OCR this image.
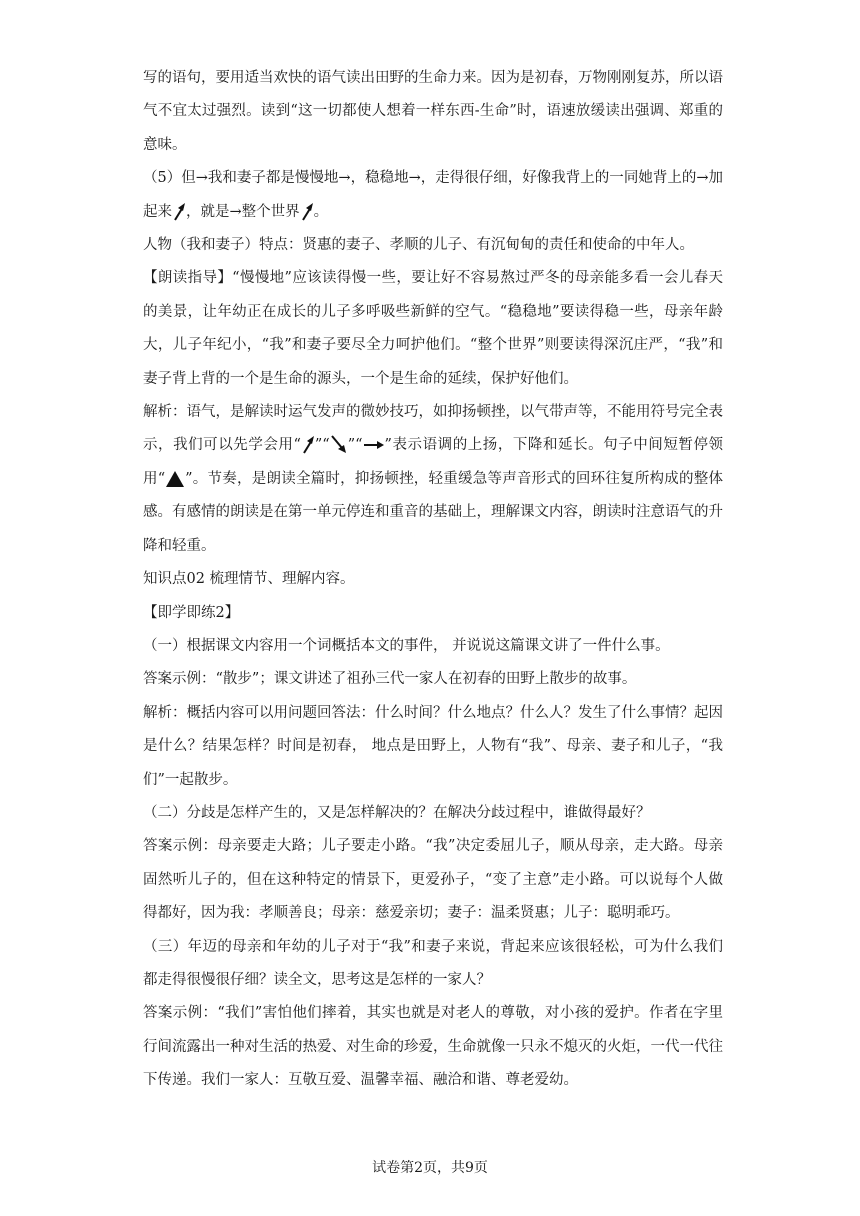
写的语句，要用适当欢快的语气读出田野的生命力来。因为是初春，万物刚刚复苏，所以语气不宜太过强烈。读到“这一切都使人想着一样东西-生命”时，语速放缓读出强调、郑重的意味。

（5）但→我和妻子都是慢慢地→，稳稳地→，走得很仔细，好像我背上的一同她背上的→加起来 ，就是→整个世界 。

人物（我和妻子）特点：贤惠的妻子、孝顺的儿子、有沉甸甸的责任和使命的中年人。

【朗读指导】“慢慢地”应该读得慢一些，要让好不容易熬过严冬的母亲能多看一会儿春天的美景，让年幼正在成长的儿子多呼吸些新鲜的空气。“稳稳地”要读得稳一些，母亲年龄大，儿子年纪小，“我”和妻子要尽全力呵护他们。“整个世界”则要读得深沉庄严，“我”和妻子背上背的一个是生命的源头，一个是生命的延续，保护好他们。

解析：语气，是解读时运气发声的微妙技巧，如抑扬顿挫，以气带声等，不能用符号完全表示，我们可以先学会用“ ”“ ”“ ”表示语调的上扬，下降和延长。句子中间短暂停领用“ ”。节奏，是朗读全篇时，抑扬顿挫，轻重缓急等声音形式的回环往复所构成的整体感。有感情的朗读是在第一单元停连和重音的基础上，理解课文内容，朗读时注意语气的升降和轻重。

知识点02 梳理情节、理解内容。

【即学即练2】

（一）根据课文内容用一个词概括本文的事件， 并说说这篇课文讲了一件什么事。

答案示例：“散步”；课文讲述了祖孙三代一家人在初春的田野上散步的故事。

解析：概括内容可以用问题回答法：什么时间？什么地点？什么人？发生了什么事情？起因是什么？结果怎样？时间是初春， 地点是田野上，人物有“我”、母亲、妻子和儿子，“我们”一起散步。

（二）分歧是怎样产生的，又是怎样解决的？在解决分歧过程中，谁做得最好？

答案示例：母亲要走大路；儿子要走小路。“我”决定委屈儿子，顺从母亲，走大路。母亲固然听儿子的，但在这种特定的情景下，更爱孙子，“变了主意”走小路。可以说每个人做得都好，因为我：孝顺善良；母亲：慈爱亲切；妻子：温柔贤惠；儿子：聪明乖巧。

（三）年迈的母亲和年幼的儿子对于“我”和妻子来说，背起来应该很轻松，可为什么我们都走得很慢很仔细？读全文，思考这是怎样的一家人？

答案示例：“我们”害怕他们摔着，其实也就是对老人的尊敬，对小孩的爱护。作者在字里行间流露出一种对生活的热爱、对生命的珍爱，生命就像一只永不熄灭的火炬，一代一代往下传递。我们一家人：互敬互爱、温馨幸福、融洽和谐、尊老爱幼。

试卷第2页，共9页
